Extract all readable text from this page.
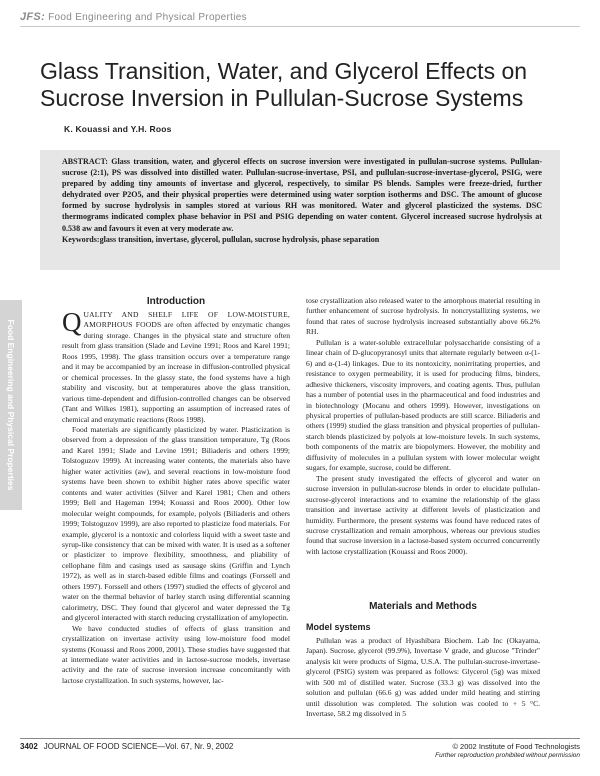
JFS: Food Engineering and Physical Properties
Glass Transition, Water, and Glycerol Effects on Sucrose Inversion in Pullulan-Sucrose Systems
K. Kouassi and Y.H. Roos
ABSTRACT: Glass transition, water, and glycerol effects on sucrose inversion were investigated in pullulan-sucrose systems. Pullulan-sucrose (2:1), PS was dissolved into distilled water. Pullulan-sucrose-invertase, PSI, and pullulan-sucrose-invertase-glycerol, PSIG, were prepared by adding tiny amounts of invertase and glycerol, respectively, to similar PS blends. Samples were freeze-dried, further dehydrated over P2O5, and their physical properties were determined using water sorption isotherms and DSC. The amount of glucose formed by sucrose hydrolysis in samples stored at various RH was monitored. Water and glycerol plasticized the systems. DSC thermograms indicated complex phase behavior in PSI and PSIG depending on water content. Glycerol increased sucrose hydrolysis at 0.538 aw and favours it even at very moderate aw.
Keywords:glass transition, invertase, glycerol, pullulan, sucrose hydrolysis, phase separation
Food Engineering and Physical Properties
Introduction

QUALITY AND SHELF LIFE OF LOW-MOISTURE, AMORPHOUS FOODS are often affected by enzymatic changes during storage. Changes in the physical state and structure often result from glass transition (Slade and Levine 1991; Roos and Karel 1991; Roos 1995, 1998). The glass transition occurs over a temperature range and it may be accompanied by an increase in diffusion-controlled physical or chemical processes. In the glassy state, the food systems have a high stability and viscosity, but at temperatures above the glass transition, various time-dependent and diffusion-controlled changes can be observed (Tant and Wilkes 1981), supporting an assumption of increased rates of chemical and enzymatic reactions (Roos 1998).

Food materials are significantly plasticized by water. Plasticization is observed from a depression of the glass transition temperature, Tg (Roos and Karel 1991; Slade and Levine 1991; Biliaderis and others 1999; Tolstoguzov 1999). At increasing water contents, the materials also have higher water activities (aw), and several reactions in low-moisture food systems have been shown to exhibit higher rates above specific water contents and water activities (Silver and Karel 1981; Chen and others 1999; Bell and Hageman 1994; Kouassi and Roos 2000). Other low molecular weight compounds, for example, polyols (Biliaderis and others 1999; Tolstoguzov 1999), are also reported to plasticize food materials. For example, glycerol is a nontoxic and colorless liquid with a sweet taste and syrup-like consistency that can be mixed with water. It is used as a softener or plasticizer to improve flexibility, smoothness, and pliability of cellophane film and casings used as sausage skins (Griffin and Lynch 1972), as well as in starch-based edible films and coatings (Forssell and others 1997). Forssell and others (1997) studied the effects of glycerol and water on the thermal behavior of barley starch using differential scanning calorimetry, DSC. They found that glycerol and water depressed the Tg and glycerol interacted with starch reducing crystallization of amylopectin.

We have conducted studies of effects of glass transition and crystallization on invertase activity using low-moisture food model systems (Kouassi and Roos 2000, 2001). These studies have suggested that at intermediate water activities and in lactose-sucrose models, invertase activity and the rate of sucrose inversion increase concomitantly with lactose crystallization. In such systems, however, lac-

tose crystallization also released water to the amorphous material resulting in further enhancement of sucrose hydrolysis. In noncrystallizing systems, we found that rates of sucrose hydrolysis increased substantially above 66.2% RH.

Pullulan is a water-soluble extracellular polysaccharide consisting of a linear chain of D-glucopyranosyl units that alternate regularly between α-(1-6) and α-(1-4) linkages. Due to its nontoxicity, nonirritating properties, and resistance to oxygen permeability, it is used for producing films, binders, adhesive thickeners, viscosity improvers, and coating agents. Thus, pullulan has a number of potential uses in the pharmaceutical and food industries and in biotechnology (Mocanu and others 1999). However, investigations on physical properties of pullulan-based products are still scarce. Biliaderis and others (1999) studied the glass transition and physical properties of pullulan-starch blends plasticized by polyols at low-moisture levels. In such systems, both components of the matrix are biopolymers. However, the mobility and diffusivity of molecules in a pullulan system with lower molecular weight sugars, for example, sucrose, could be different.

The present study investigated the effects of glycerol and water on sucrose inversion in pullulan-sucrose blends in order to elucidate pullulan-sucrose-glycerol interactions and to examine the relationship of the glass transition and invertase activity at different levels of plasticization and humidity. Furthermore, the present systems was found have reduced rates of sucrose crystallization and remain amorphous, whereas our previous studies found that sucrose inversion in a lactose-based system occurred concurrently with lactose crystallization (Kouassi and Roos 2000).

Materials and Methods
Model systems

Pullulan was a product of Hyashibara Biochem. Lab Inc (Okayama, Japan). Sucrose, glycerol (99.9%), Invertase V grade, and glucose "Trinder" analysis kit were products of Sigma, U.S.A. The pullulan-sucrose-invertase-glycerol (PSIG) system was prepared as follows: Glycerol (5g) was mixed with 500 ml of distilled water. Sucrose (33.3 g) was dissolved into the solution and pullulan (66.6 g) was added under mild heating and stirring until dissolution was completed. The solution was cooled to + 5 °C. Invertase, 58.2 mg dissolved in 5

3402 JOURNAL OF FOOD SCIENCE—Vol. 67, Nr. 9, 2002	© 2002 Institute of Food Technologists
Further reproduction prohibited without permission
